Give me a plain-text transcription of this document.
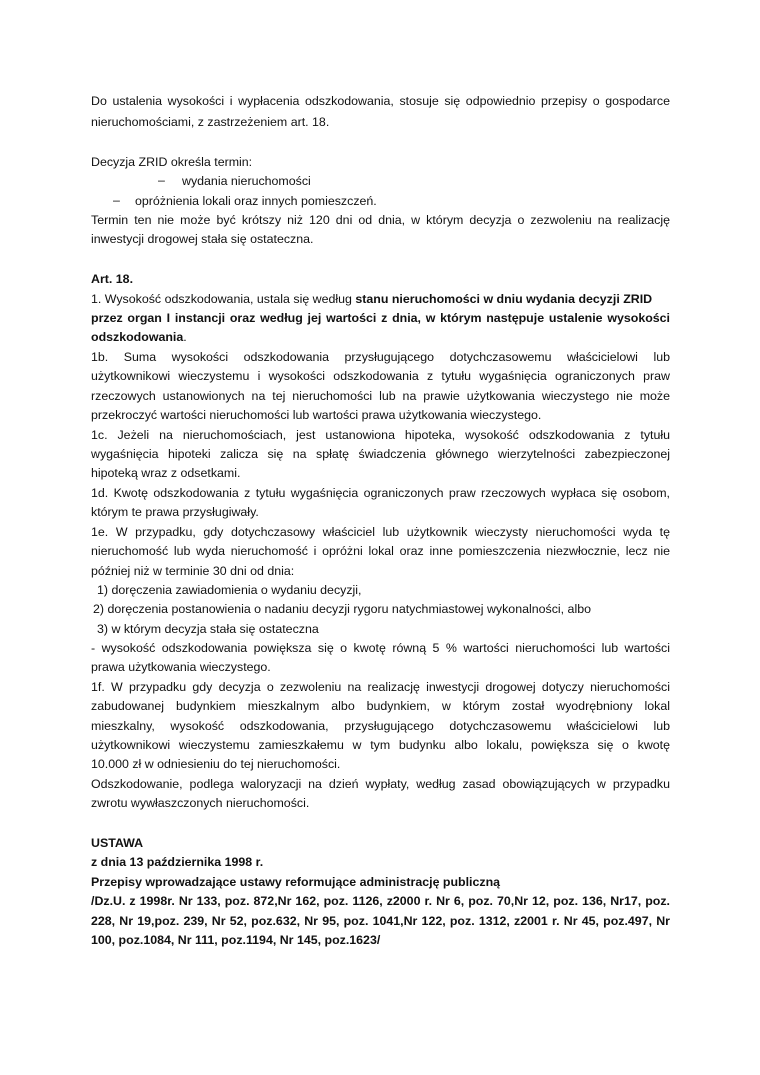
Do ustalenia wysokości i wypłacenia odszkodowania, stosuje się odpowiednio przepisy o gospodarce
nieruchomościami, z zastrzeżeniem art. 18.
Decyzja ZRID określa termin:
– wydania nieruchomości
– opróżnienia lokali oraz innych pomieszczeń.
Termin ten nie może być krótszy niż 120 dni od dnia, w którym decyzja o zezwoleniu na realizację
inwestycji drogowej stała się ostateczna.
Art. 18.
1. Wysokość odszkodowania, ustala się według stanu nieruchomości w dniu wydania decyzji ZRID
przez organ I instancji oraz według jej wartości z dnia, w którym następuje ustalenie wysokości
odszkodowania.
1b. Suma wysokości odszkodowania przysługującego dotychczasowemu właścicielowi lub
użytkownikowi wieczystemu i wysokości odszkodowania z tytułu wygaśnięcia ograniczonych praw
rzeczowych ustanowionych na tej nieruchomości lub na prawie użytkowania wieczystego nie może
przekroczyć wartości nieruchomości lub wartości prawa użytkowania wieczystego.
1c. Jeżeli na nieruchomościach, jest ustanowiona hipoteka, wysokość odszkodowania z tytułu
wygaśnięcia hipoteki zalicza się na spłatę świadczenia głównego wierzytelności zabezpieczonej
hipoteką wraz z odsetkami.
1d. Kwotę odszkodowania z tytułu wygaśnięcia ograniczonych praw rzeczowych wypłaca się osobom,
którym te prawa przysługiwały.
1e. W przypadku, gdy dotychczasowy właściciel lub użytkownik wieczysty nieruchomości wyda tę
nieruchomość lub wyda nieruchomość i opróżni lokal oraz inne pomieszczenia niezwłocznie, lecz nie
później niż w terminie 30 dni od dnia:
1) doręczenia zawiadomienia o wydaniu decyzji,
2) doręczenia postanowienia o nadaniu decyzji rygoru natychmiastowej wykonalności, albo
3) w którym decyzja stała się ostateczna
- wysokość odszkodowania powiększa się o kwotę równą 5 % wartości nieruchomości lub wartości
prawa użytkowania wieczystego.
1f. W przypadku gdy decyzja o zezwoleniu na realizację inwestycji drogowej dotyczy nieruchomości
zabudowanej budynkiem mieszkalnym albo budynkiem, w którym został wyodrębniony lokal
mieszkalny, wysokość odszkodowania, przysługującego dotychczasowemu właścicielowi lub
użytkownikowi wieczystemu zamieszkałemu w tym budynku albo lokalu, powiększa się o kwotę
10.000 zł w odniesieniu do tej nieruchomości.
Odszkodowanie, podlega waloryzacji na dzień wypłaty, według zasad obowiązujących w przypadku
zwrotu wywłaszczonych nieruchomości.
USTAWA
z dnia 13 października 1998 r.
Przepisy wprowadzające ustawy reformujące administrację publiczną
/Dz.U. z 1998r. Nr 133, poz. 872,Nr 162, poz. 1126, z2000 r. Nr 6, poz. 70,Nr 12, poz. 136, Nr17, poz.
228, Nr 19,poz. 239, Nr 52, poz.632, Nr 95, poz. 1041,Nr 122, poz. 1312, z2001 r. Nr 45, poz.497, Nr
100, poz.1084, Nr 111, poz.1194, Nr 145, poz.1623/
